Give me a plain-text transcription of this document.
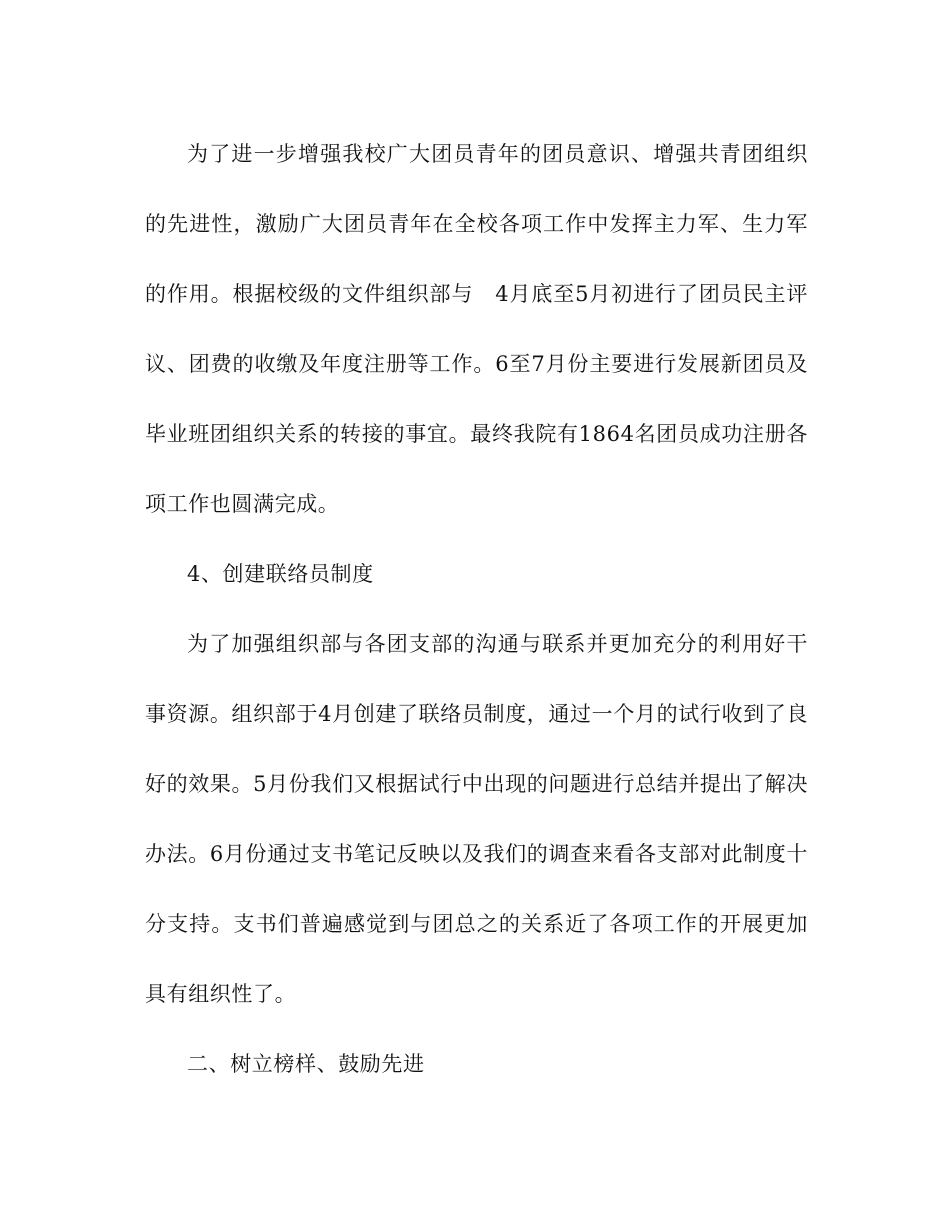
为了进一步增强我校广大团员青年的团员意识、增强共青团组织的先进性，激励广大团员青年在全校各项工作中发挥主力军、生力军的作用。根据校级的文件组织部与　4月底至5月初进行了团员民主评议、团费的收缴及年度注册等工作。6至7月份主要进行发展新团员及毕业班团组织关系的转接的事宜。最终我院有1864名团员成功注册各项工作也圆满完成。

4、创建联络员制度

为了加强组织部与各团支部的沟通与联系并更加充分的利用好干事资源。组织部于4月创建了联络员制度，通过一个月的试行收到了良好的效果。5月份我们又根据试行中出现的问题进行总结并提出了解决办法。6月份通过支书笔记反映以及我们的调查来看各支部对此制度十分支持。支书们普遍感觉到与团总之的关系近了各项工作的开展更加具有组织性了。

二、树立榜样、鼓励先进
